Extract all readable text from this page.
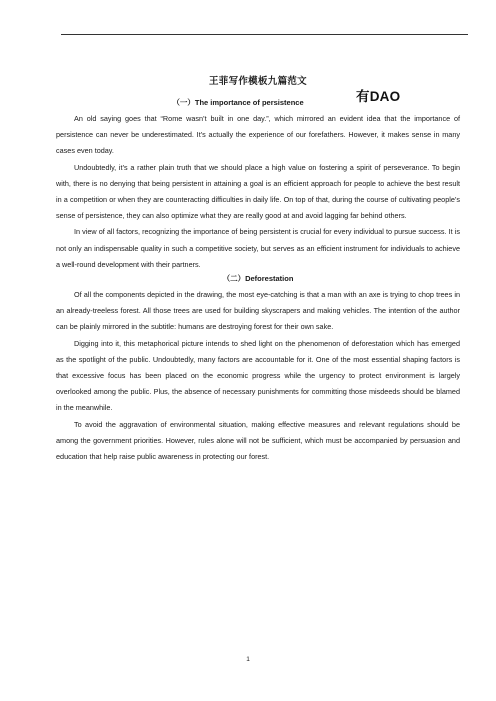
王菲写作模板九篇范文
（一）The importance of persistence	有DAO

An old saying goes that “Rome wasn’t built in one day.”, which mirrored an evident idea that the importance of persistence can never be underestimated. It’s actually the experience of our forefathers. However, it makes sense in many cases even today.

Undoubtedly, it’s a rather plain truth that we should place a high value on fostering a spirit of perseverance. To begin with, there is no denying that being persistent in attaining a goal is an efficient approach for people to achieve the best result in a competition or when they are counteracting difficulties in daily life. On top of that, during the course of cultivating people’s sense of persistence, they can also optimize what they are really good at and avoid lagging far behind others.

In view of all factors, recognizing the importance of being persistent is crucial for every individual to pursue success. It is not only an indispensable quality in such a competitive society, but serves as an efficient instrument for individuals to achieve a well-round development with their partners.

（二）Deforestation

Of all the components depicted in the drawing, the most eye-catching is that a man with an axe is trying to chop trees in an already-treeless forest. All those trees are used for building skyscrapers and making vehicles. The intention of the author can be plainly mirrored in the subtitle: humans are destroying forest for their own sake.

Digging into it, this metaphorical picture intends to shed light on the phenomenon of deforestation which has emerged as the spotlight of the public. Undoubtedly, many factors are accountable for it. One of the most essential shaping factors is that excessive focus has been placed on the economic progress while the urgency to protect environment is largely overlooked among the public. Plus, the absence of necessary punishments for committing those misdeeds should be blamed in the meanwhile.

To avoid the aggravation of environmental situation, making effective measures and relevant regulations should be among the government priorities. However, rules alone will not be sufficient, which must be accompanied by persuasion and education that help raise public awareness in protecting our forest.

1
